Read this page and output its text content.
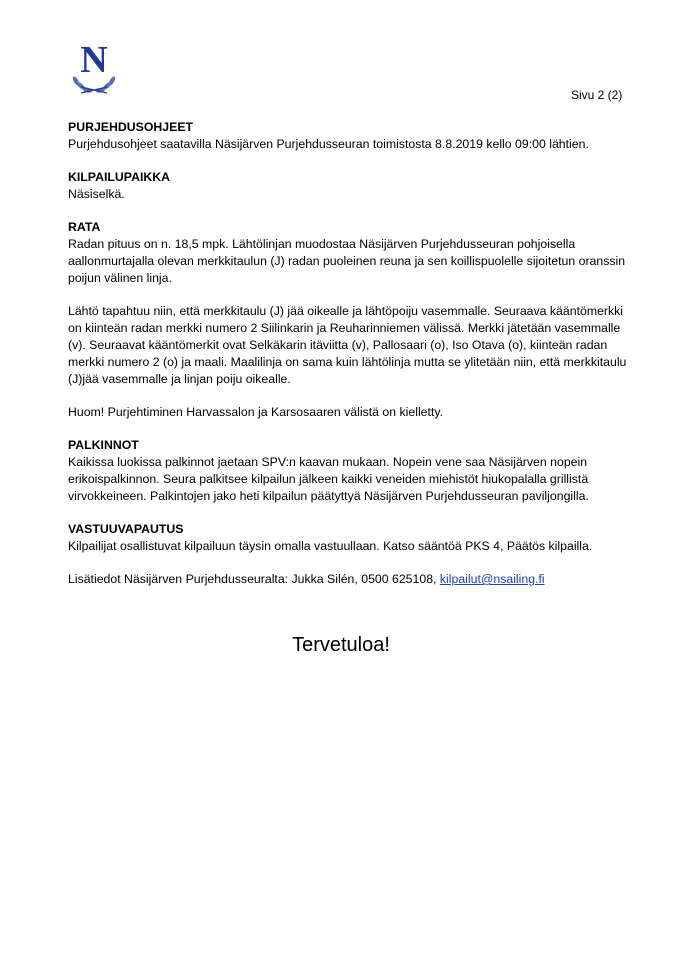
N
Sivu 2 (2)
PURJEHDUSOHJEET

Purjehdusohjeet saatavilla Näsijärven Purjehdusseuran toimistosta 8.8.2019 kello 09:00 lähtien.

KILPAILUPAIKKA

Näsiselkä.

RATA

Radan pituus on n. 18,5 mpk. Lähtölinjan muodostaa Näsijärven Purjehdusseuran pohjoisella aallonmurtajalla olevan merkkitaulun (J) radan puoleinen reuna ja sen koillispuolelle sijoitetun oranssin poijun välinen linja.

Lähtö tapahtuu niin, että merkkitaulu (J) jää oikealle ja lähtöpoiju vasemmalle. Seuraava kääntömerkki on kiinteän radan merkki numero 2 Siilinkarin ja Reuharinniemen välissä. Merkki jätetään vasemmalle (v). Seuraavat kääntömerkit ovat Selkäkarin itäviitta (v), Pallosaari (o), Iso Otava (o), kiinteän radan merkki numero 2 (o) ja maali. Maalilinja on sama kuin lähtölinja mutta se ylitetään niin, että merkkitaulu (J)jää vasemmalle ja linjan poiju oikealle.

Huom! Purjehtiminen Harvassalon ja Karsosaaren välistä on kielletty.

PALKINNOT

Kaikissa luokissa palkinnot jaetaan SPV:n kaavan mukaan. Nopein vene saa Näsijärven nopein erikoispalkinnon. Seura palkitsee kilpailun jälkeen kaikki veneiden miehistöt hiukopalalla grillistä virvokkeineen. Palkintojen jako heti kilpailun päätyttyä Näsijärven Purjehdusseuran paviljongilla.

VASTUUVAPAUTUS

Kilpailijat osallistuvat kilpailuun täysin omalla vastuullaan. Katso sääntöä PKS 4, Päätös kilpailla.

Lisätiedot Näsijärven Purjehdusseuralta: Jukka Silén, 0500 625108, kilpailut@nsailing.fi

Tervetuloa!
